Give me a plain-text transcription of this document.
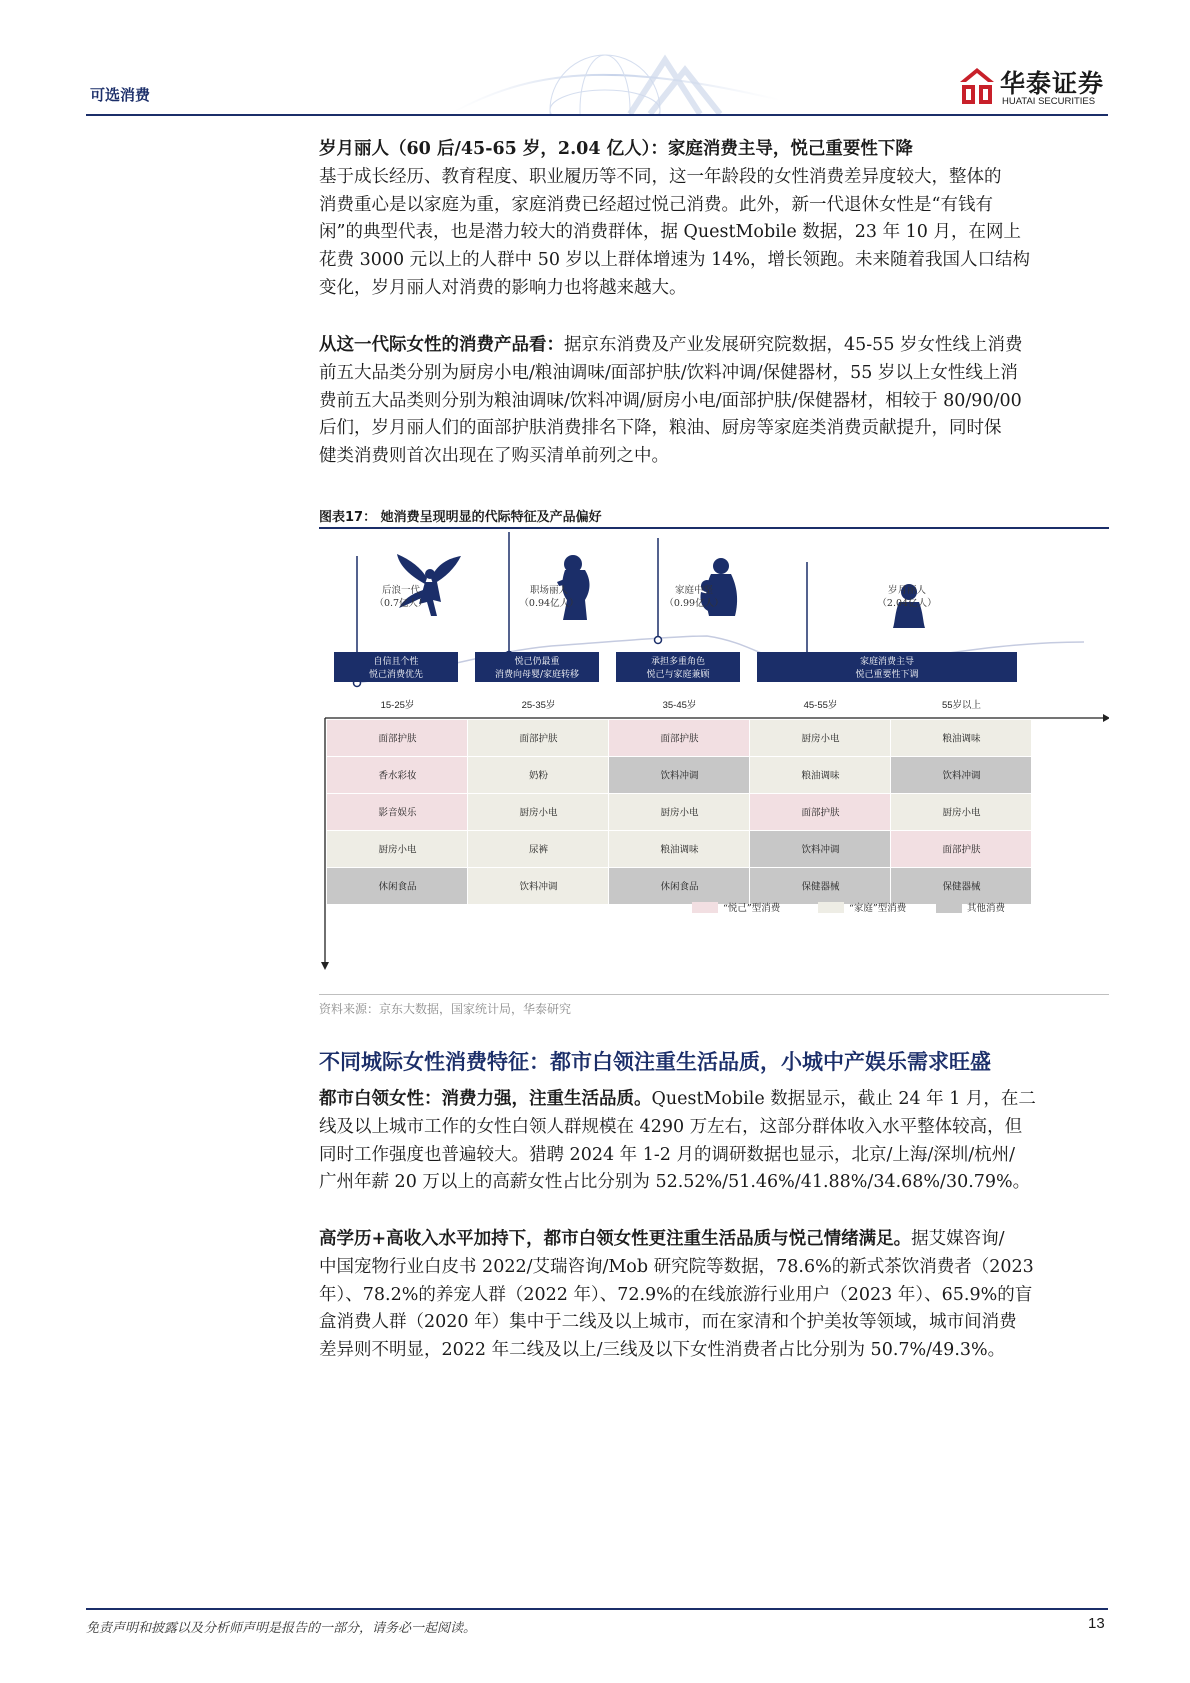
可选消费	华泰证券
HUATAI SECURITIES
岁月丽人（60 后/45-65 岁，2.04 亿人）：家庭消费主导，悦己重要性下降
基于成长经历、教育程度、职业履历等不同，这一年龄段的女性消费差异度较大，整体的
消费重心是以家庭为重，家庭消费已经超过悦己消费。此外，新一代退休女性是“有钱有
闲”的典型代表，也是潜力较大的消费群体，据 QuestMobile 数据，23 年 10 月，在网上
花费 3000 元以上的人群中 50 岁以上群体增速为 14%，增长领跑。未来随着我国人口结构
变化，岁月丽人对消费的影响力也将越来越大。
从这一代际女性的消费产品看：据京东消费及产业发展研究院数据，45-55 岁女性线上消费
前五大品类分别为厨房小电/粮油调味/面部护肤/饮料冲调/保健器材，55 岁以上女性线上消
费前五大品类则分别为粮油调味/饮料冲调/厨房小电/面部护肤/保健器材，相较于 80/90/00
后们，岁月丽人们的面部护肤消费排名下降，粮油、厨房等家庭类消费贡献提升，同时保
健类消费则首次出现在了购买清单前列之中。
图表17： 她消费呈现明显的代际特征及产品偏好
后浪一代
（0.7亿人）
职场丽人
（0.94亿人）
家庭中坚
（0.99亿人）
岁月丽人
（2.04亿人）
自信且个性
悦己消费优先
悦己仍最重
消费向母婴/家庭转移
承担多重角色
悦己与家庭兼顾
家庭消费主导
悦己重要性下调
15-25岁	25-35岁	35-45岁	45-55岁	55岁以上
面部护肤	面部护肤	面部护肤	厨房小电	粮油调味
香水彩妆	奶粉	饮料冲调	粮油调味	饮料冲调
影音娱乐	厨房小电	厨房小电	面部护肤	厨房小电
厨房小电	尿裤	粮油调味	饮料冲调	面部护肤
休闲食品	饮料冲调	休闲食品	保健器械	保健器械
“悦己”型消费	“家庭”型消费	其他消费
资料来源：京东大数据，国家统计局，华泰研究
不同城际女性消费特征：都市白领注重生活品质，小城中产娱乐需求旺盛
都市白领女性：消费力强，注重生活品质。QuestMobile 数据显示，截止 24 年 1 月，在二
线及以上城市工作的女性白领人群规模在 4290 万左右，这部分群体收入水平整体较高，但
同时工作强度也普遍较大。猎聘 2024 年 1-2 月的调研数据也显示，北京/上海/深圳/杭州/
广州年薪 20 万以上的高薪女性占比分别为 52.52%/51.46%/41.88%/34.68%/30.79%。
高学历+高收入水平加持下，都市白领女性更注重生活品质与悦己情绪满足。据艾媒咨询/
中国宠物行业白皮书 2022/艾瑞咨询/Mob 研究院等数据，78.6%的新式茶饮消费者（2023
年）、78.2%的养宠人群（2022 年）、72.9%的在线旅游行业用户（2023 年）、65.9%的盲
盒消费人群（2020 年）集中于二线及以上城市，而在家清和个护美妆等领域，城市间消费
差异则不明显，2022 年二线及以上/三线及以下女性消费者占比分别为 50.7%/49.3%。
免责声明和披露以及分析师声明是报告的一部分，请务必一起阅读。	13
